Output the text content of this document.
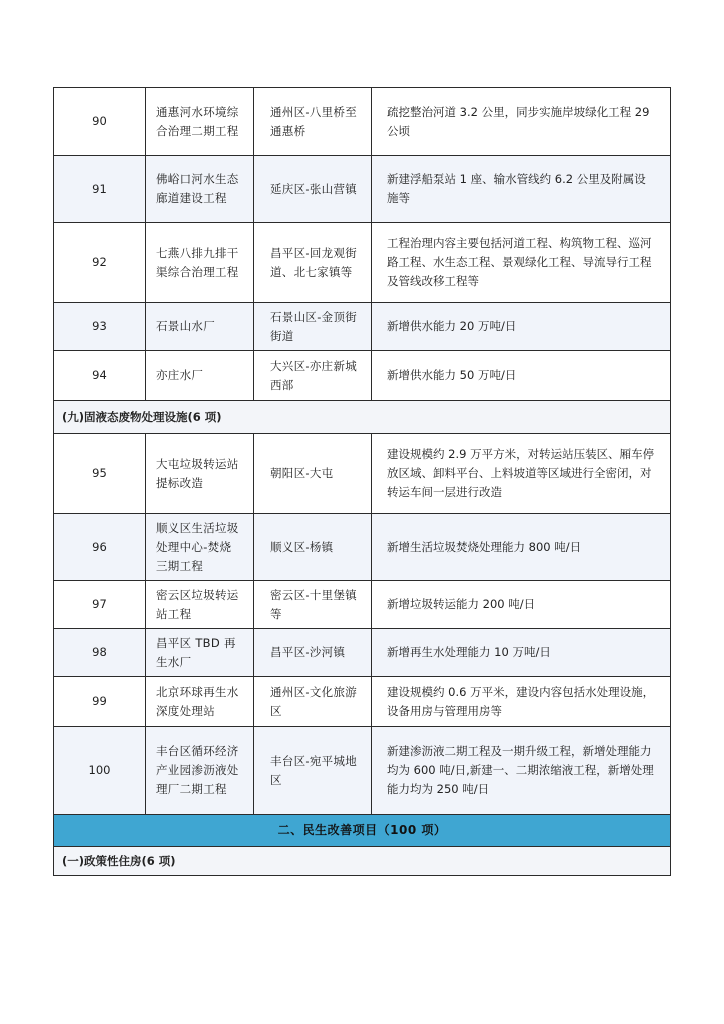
90	通惠河水环境综合治理二期工程	通州区-八里桥至通惠桥	疏挖整治河道 3.2 公里，同步实施岸坡绿化工程 29 公顷
91	佛峪口河水生态廊道建设工程	延庆区-张山营镇	新建浮船泵站 1 座、输水管线约 6.2 公里及附属设施等
92	七燕八排九排干渠综合治理工程	昌平区-回龙观街道、北七家镇等	工程治理内容主要包括河道工程、构筑物工程、巡河路工程、水生态工程、景观绿化工程、导流导行工程及管线改移工程等
93	石景山水厂	石景山区-金顶街街道	新增供水能力 20 万吨/日
94	亦庄水厂	大兴区-亦庄新城西部	新增供水能力 50 万吨/日
(九)固液态废物处理设施(6 项)			
95	大屯垃圾转运站提标改造	朝阳区-大屯	建设规模约 2.9 万平方米，对转运站压装区、厢车停放区域、卸料平台、上料坡道等区域进行全密闭，对转运车间一层进行改造
96	顺义区生活垃圾处理中心-焚烧三期工程	顺义区-杨镇	新增生活垃圾焚烧处理能力 800 吨/日
97	密云区垃圾转运站工程	密云区-十里堡镇等	新增垃圾转运能力 200 吨/日
98	昌平区 TBD 再生水厂	昌平区-沙河镇	新增再生水处理能力 10 万吨/日
99	北京环球再生水深度处理站	通州区-文化旅游区	建设规模约 0.6 万平米，建设内容包括水处理设施，设备用房与管理用房等
100	丰台区循环经济产业园渗沥液处理厂二期工程	丰台区-宛平城地区	新建渗沥液二期工程及一期升级工程，新增处理能力均为 600 吨/日,新建一、二期浓缩液工程，新增处理能力均为 250 吨/日
二、民生改善项目（100 项）			
(一)政策性住房(6 项)			
